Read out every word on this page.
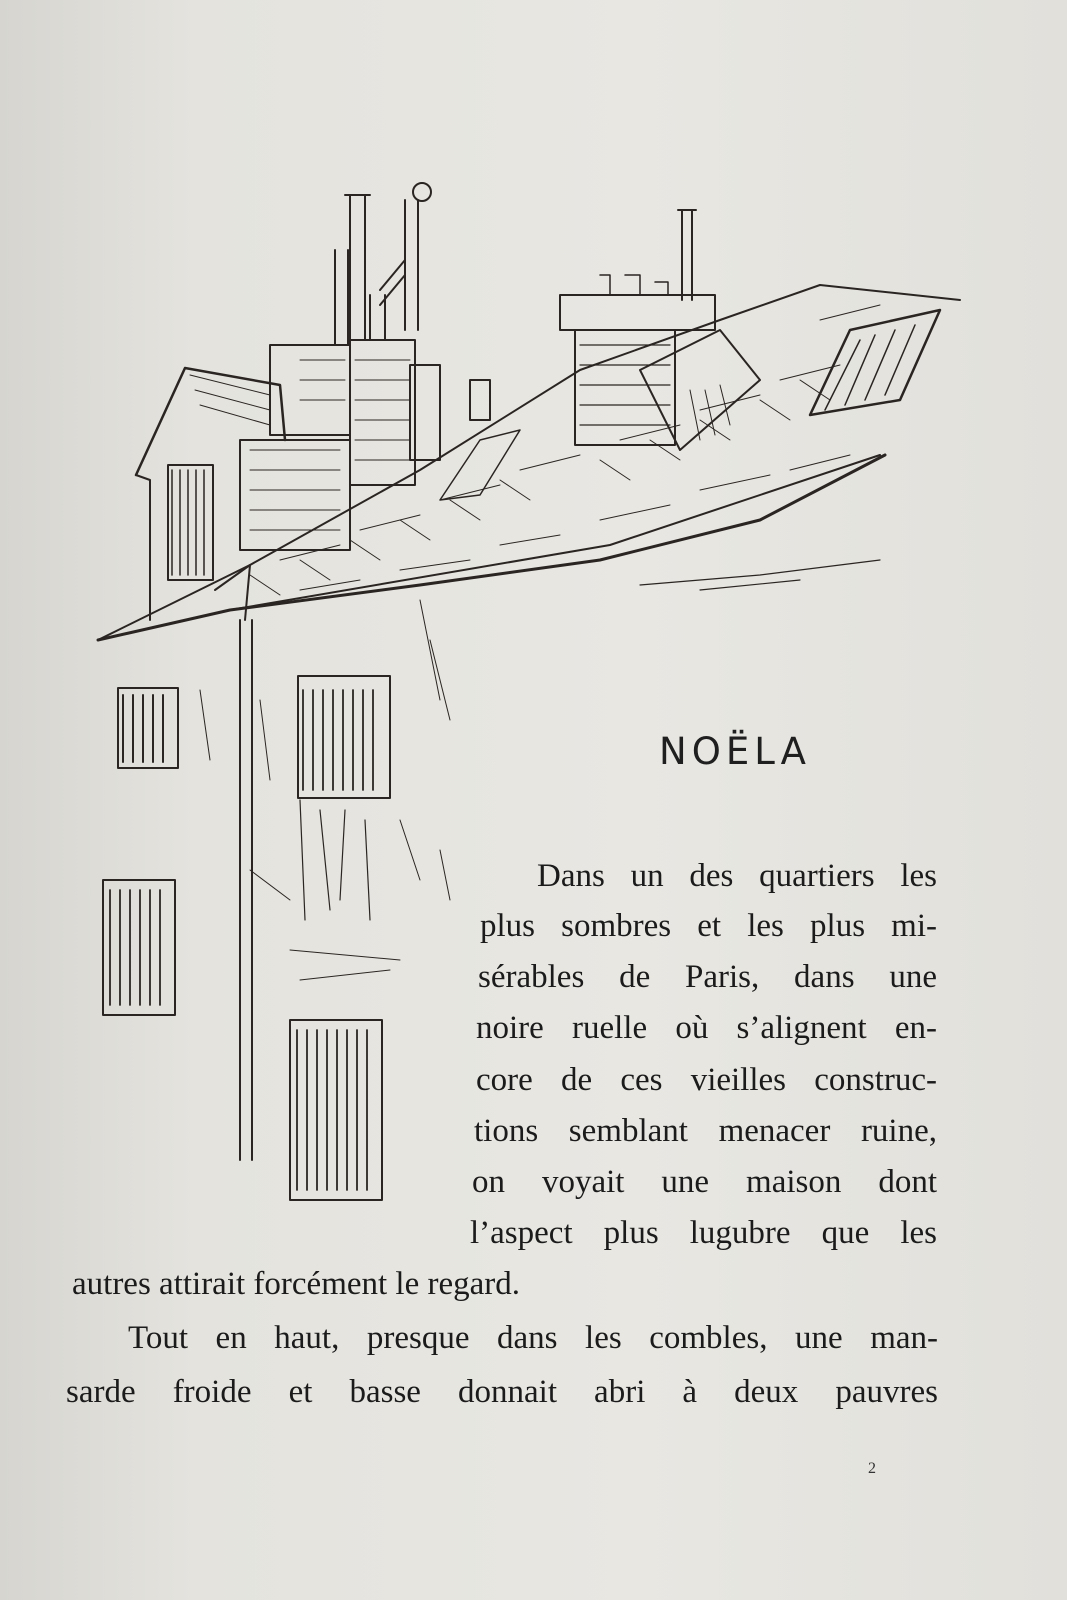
NOËLA
Dans un des quartiers les
plus sombres et les plus mi-
sérables de Paris, dans une
noire ruelle où s’alignent en-
core de ces vieilles construc-
tions semblant menacer ruine,
on voyait une maison dont
l’aspect plus lugubre que les
autres attirait forcément le regard.
Tout en haut, presque dans les combles, une man-
sarde froide et basse donnait abri à deux pauvres
2
